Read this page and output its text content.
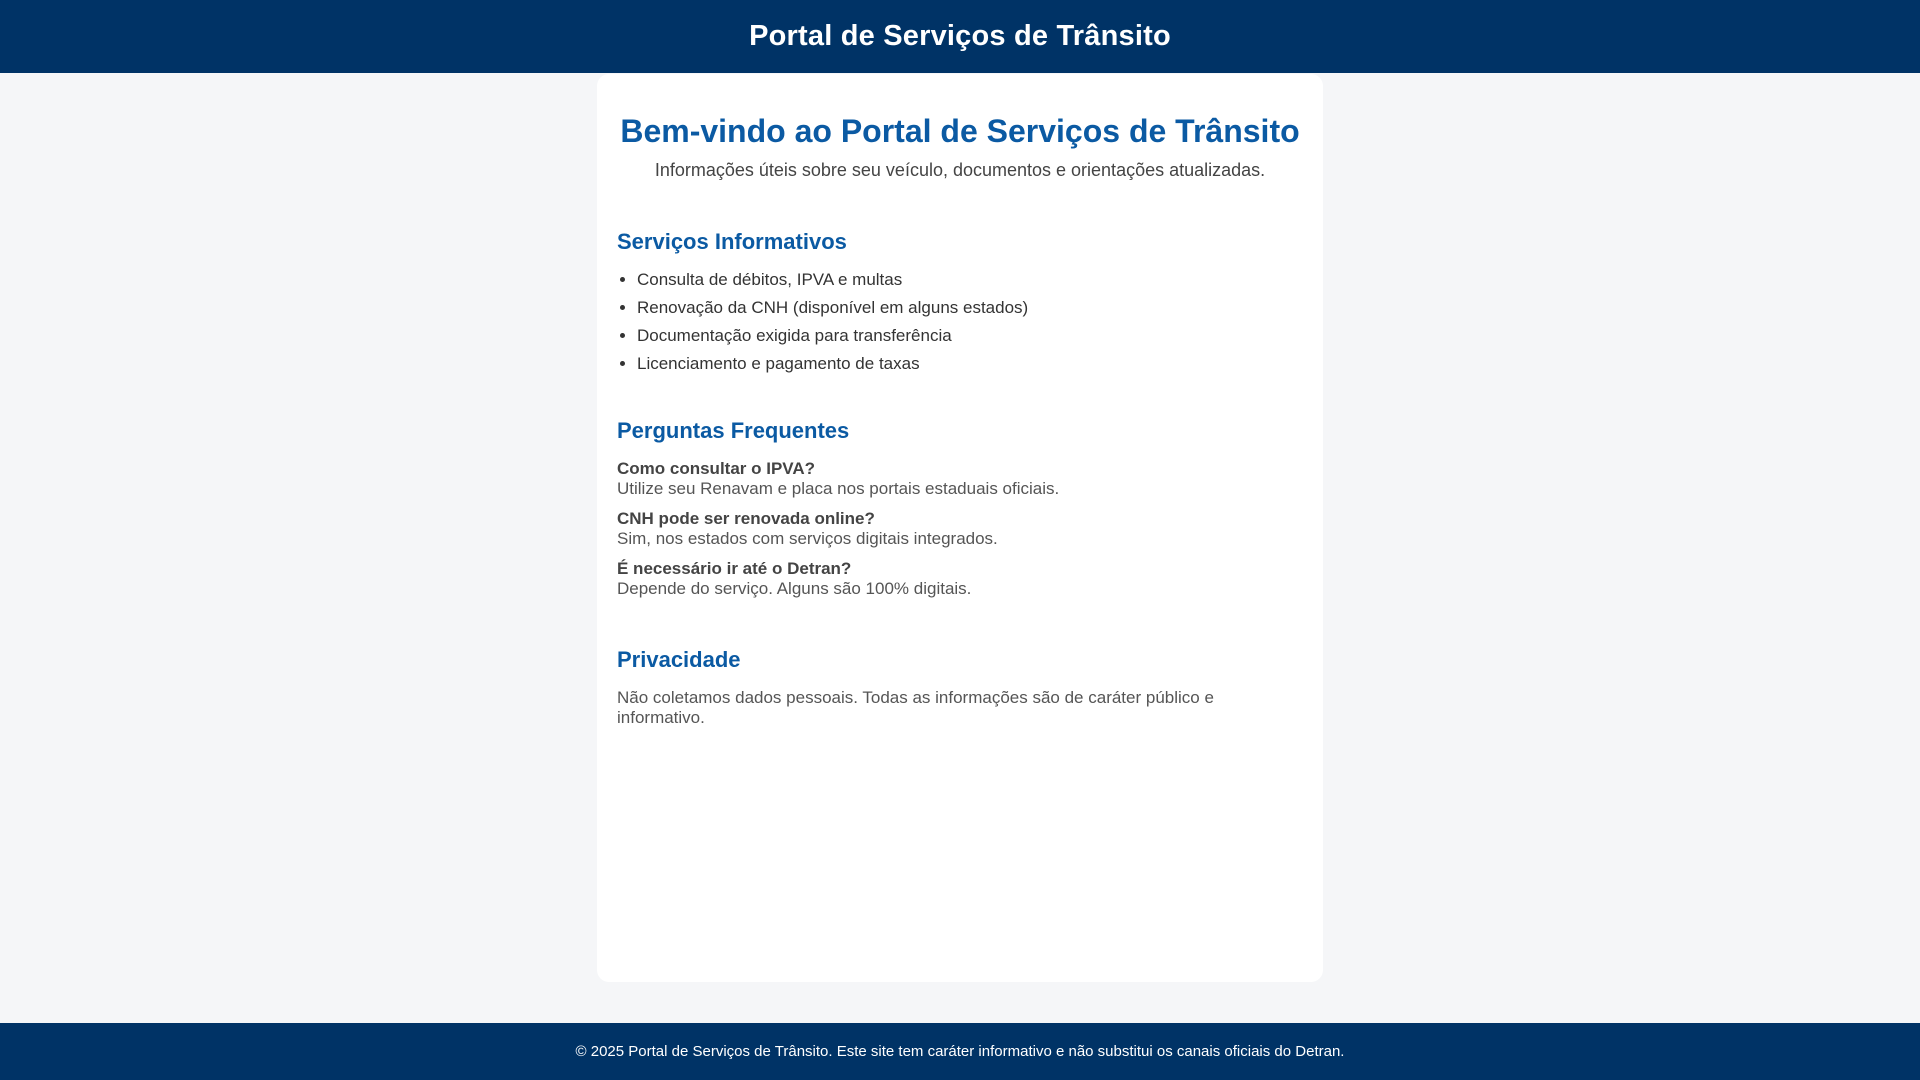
Portal de Serviços de Trânsito
Bem-vindo ao Portal de Serviços de Trânsito

Informações úteis sobre seu veículo, documentos e orientações atualizadas.

Serviços Informativos
• Consulta de débitos, IPVA e multas
• Renovação da CNH (disponível em alguns estados)
• Documentação exigida para transferência
• Licenciamento e pagamento de taxas
Perguntas Frequentes
Como consultar o IPVA?
Utilize seu Renavam e placa nos portais estaduais oficiais.
CNH pode ser renovada online?
Sim, nos estados com serviços digitais integrados.
É necessário ir até o Detran?
Depende do serviço. Alguns são 100% digitais.
Privacidade

Não coletamos dados pessoais. Todas as informações são de caráter público e informativo.

© 2025 Portal de Serviços de Trânsito. Este site tem caráter informativo e não substitui os canais oficiais do Detran.
